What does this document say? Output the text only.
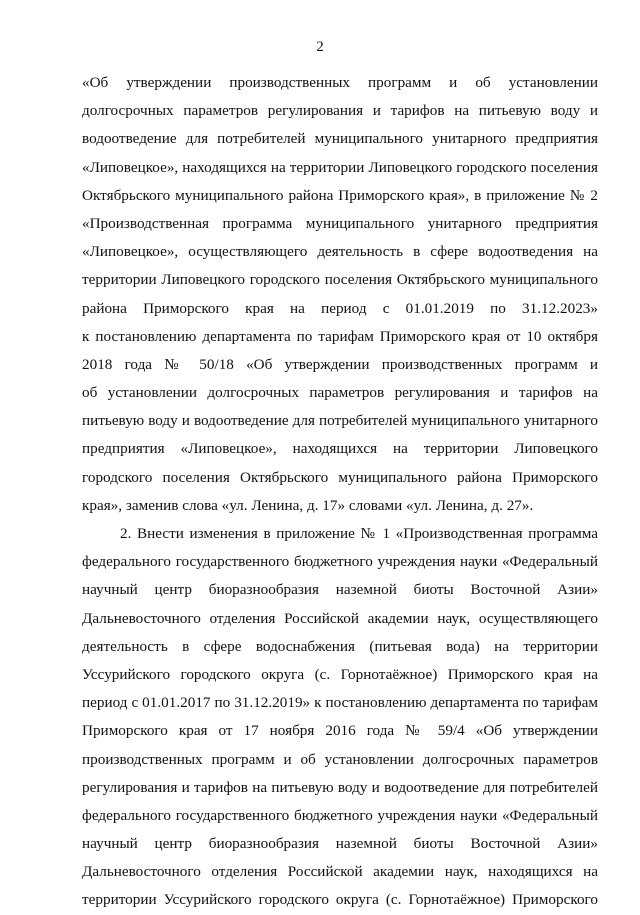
2
«Об утверждении производственных программ и об установлении
долгосрочных параметров регулирования и тарифов на питьевую воду и
водоотведение для потребителей муниципального унитарного предприятия
«Липовецкое», находящихся на территории Липовецкого городского поселения
Октябрьского муниципального района Приморского края», в приложение № 2
«Производственная программа муниципального унитарного предприятия
«Липовецкое», осуществляющего деятельность в сфере водоотведения на
территории Липовецкого городского поселения Октябрьского муниципального
района Приморского края на период с 01.01.2019 по 31.12.2023»
к постановлению департамента по тарифам Приморского края от 10 октября
2018 года № 50/18 «Об утверждении производственных программ и
об установлении долгосрочных параметров регулирования и тарифов на
питьевую воду и водоотведение для потребителей муниципального унитарного
предприятия «Липовецкое», находящихся на территории Липовецкого
городского поселения Октябрьского муниципального района Приморского
края», заменив слова «ул. Ленина, д. 17» словами «ул. Ленина, д. 27».
2. Внести изменения в приложение № 1 «Производственная программа
федерального государственного бюджетного учреждения науки «Федеральный
научный центр биоразнообразия наземной биоты Восточной Азии»
Дальневосточного отделения Российской академии наук, осуществляющего
деятельность в сфере водоснабжения (питьевая вода) на территории
Уссурийского городского округа (с. Горнотаёжное) Приморского края на
период с 01.01.2017 по 31.12.2019» к постановлению департамента по тарифам
Приморского края от 17 ноября 2016 года № 59/4 «Об утверждении
производственных программ и об установлении долгосрочных параметров
регулирования и тарифов на питьевую воду и водоотведение для потребителей
федерального государственного бюджетного учреждения науки «Федеральный
научный центр биоразнообразия наземной биоты Восточной Азии»
Дальневосточного отделения Российской академии наук, находящихся на
территории Уссурийского городского округа (с. Горнотаёжное) Приморского
